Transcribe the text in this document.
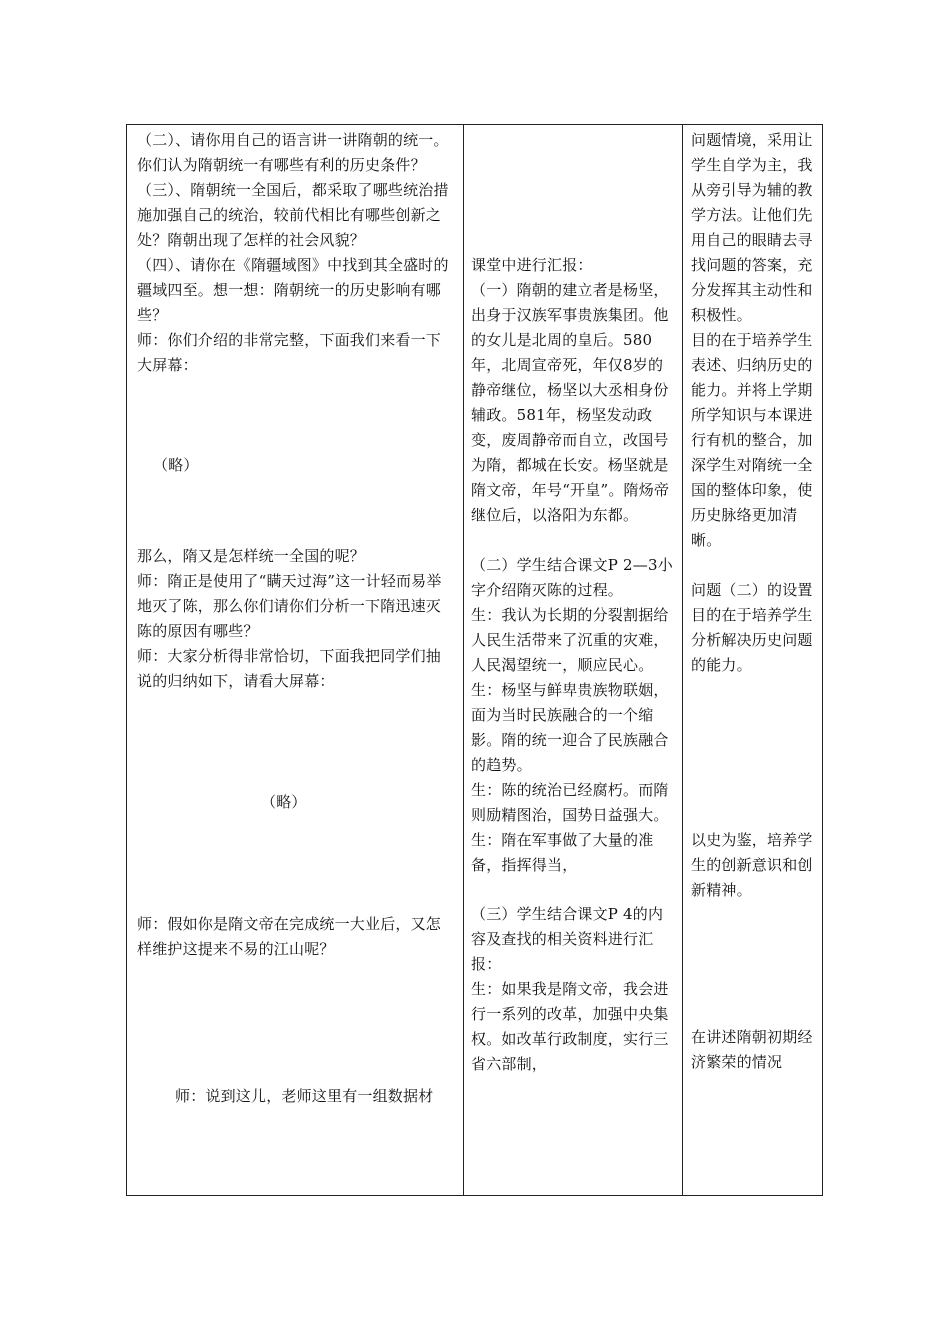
（二）、请你用自己的语言讲一讲隋朝的统一。你们认为隋朝统一有哪些有利的历史条件？
（三）、隋朝统一全国后，都采取了哪些统治措施加强自己的统治，较前代相比有哪些创新之处？隋朝出现了怎样的社会风貌？
（四）、请你在《隋疆域图》中找到其全盛时的疆域四至。想一想：隋朝统一的历史影响有哪些？
师：你们介绍的非常完整，下面我们来看一下大屏幕：
（略）
那么，隋又是怎样统一全国的呢？
师：隋正是使用了“瞒天过海”这一计轻而易举地灭了陈，那么你们请你们分析一下隋迅速灭陈的原因有哪些？
师：大家分析得非常恰切，下面我把同学们抽说的归纳如下，请看大屏幕：
（略）
师：假如你是隋文帝在完成统一大业后，又怎样维护这提来不易的江山呢？
师：说到这儿，老师这里有一组数据材

课堂中进行汇报：
（一）隋朝的建立者是杨坚，出身于汉族军事贵族集团。他的女儿是北周的皇后。580年，北周宣帝死，年仅8岁的静帝继位，杨坚以大丞相身份辅政。581年，杨坚发动政变，废周静帝而自立，改国号为隋，都城在长安。杨坚就是隋文帝，年号“开皇”。隋炀帝继位后，以洛阳为东都。
（二）学生结合课文P 2—3小字介绍隋灭陈的过程。
生：我认为长期的分裂割据给人民生活带来了沉重的灾难，人民渴望统一，顺应民心。
生：杨坚与鲜卑贵族物联姻，面为当时民族融合的一个缩影。隋的统一迎合了民族融合的趋势。
生：陈的统治已经腐朽。而隋则励精图治，国势日益强大。
生：隋在军事做了大量的准备，指挥得当，
（三）学生结合课文P 4的内容及查找的相关资料进行汇报：
生：如果我是隋文帝，我会进行一系列的改革，加强中央集权。如改革行政制度，实行三省六部制，

问题情境，采用让学生自学为主，我从旁引导为辅的教学方法。让他们先用自己的眼睛去寻找问题的答案，充分发挥其主动性和积极性。
目的在于培养学生表述、归纳历史的能力。并将上学期所学知识与本课进行有机的整合，加深学生对隋统一全国的整体印象，使历史脉络更加清晰。
问题（二）的设置目的在于培养学生分析解决历史问题的能力。
以史为鉴，培养学生的创新意识和创新精神。
在讲述隋朝初期经济繁荣的情况
